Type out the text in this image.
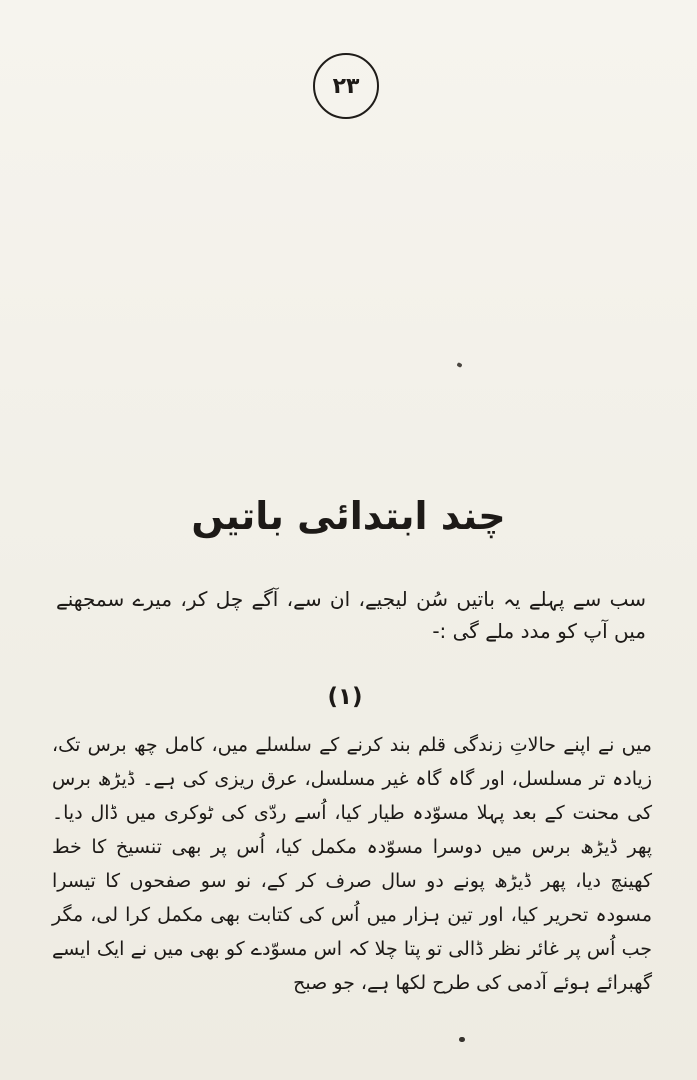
۲۳
چند ابتدائی باتیں
سب سے پہلے یہ باتیں سُن لیجیے، ان سے، آگے چل کر، میرے سمجھنے میں آپ کو مدد ملے گی :-
(۱)
میں نے اپنے حالاتِ زندگی قلم بند کرنے کے سلسلے میں، کامل چھ برس تک، زیادہ تر مسلسل، اور گاہ گاہ غیر مسلسل، عرق ریزی کی ہے۔ ڈیڑھ برس کی محنت کے بعد پہلا مسوّدہ طیار کیا، اُسے ردّی کی ٹوکری میں ڈال دیا۔ پھر ڈیڑھ برس میں دوسرا مسوّدہ مکمل کیا، اُس پر بھی تنسیخ کا خط کھینچ دیا، پھر ڈیڑھ پونے دو سال صرف کر کے، نو سو صفحوں کا تیسرا مسودہ تحریر کیا، اور تین ہزار میں اُس کی کتابت بھی مکمل کرا لی، مگر جب اُس پر غائر نظر ڈالی تو پتا چلا کہ اس مسوّدے کو بھی میں نے ایک ایسے گھبرائے ہوئے آدمی کی طرح لکھا ہے، جو صبح
